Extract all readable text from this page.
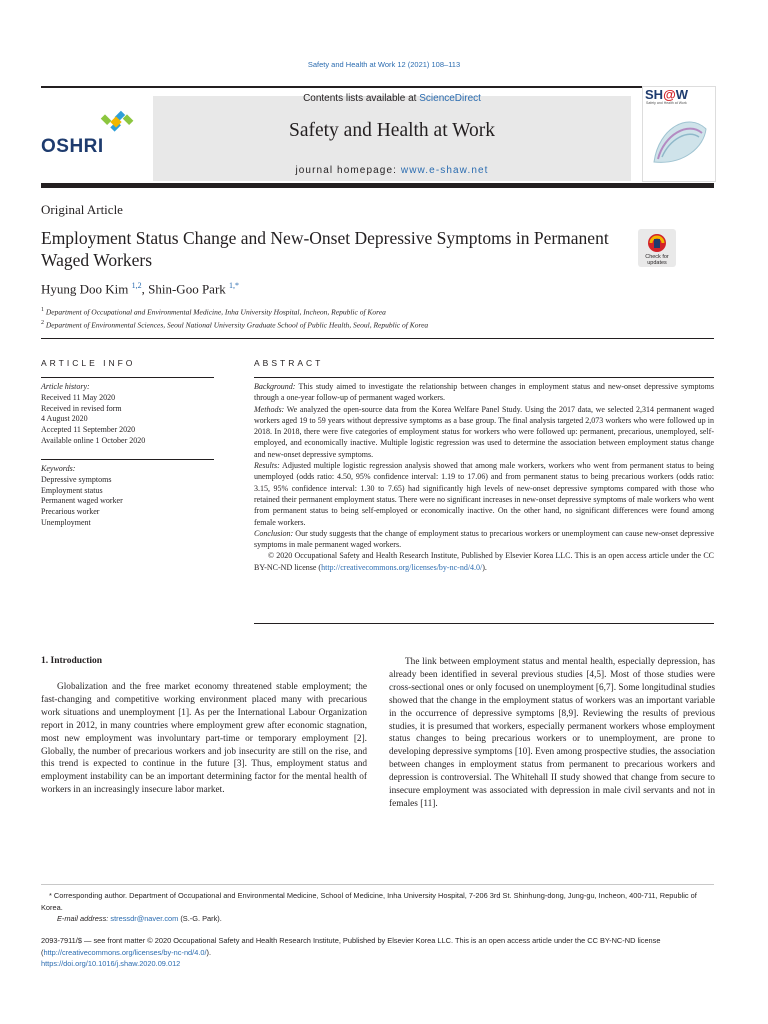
Safety and Health at Work 12 (2021) 108–113
OSHRI
Contents lists available at ScienceDirect
Safety and Health at Work
journal homepage: www.e-shaw.net
SH@W
Safety and Health at Work
Original Article
Employment Status Change and New-Onset Depressive Symptoms in Permanent Waged Workers	Check for updates
Hyung Doo Kim $^{1,2}$, Shin-Goo Park $^{1,*}$
$^1$ Department of Occupational and Environmental Medicine, Inha University Hospital, Incheon, Republic of Korea
$^2$ Department of Environmental Sciences, Seoul National University Graduate School of Public Health, Seoul, Republic of Korea
ARTICLE INFO	ABSTRACT
Article history:
Received 11 May 2020
Received in revised form
4 August 2020
Accepted 11 September 2020
Available online 1 October 2020
Keywords:
Depressive symptoms
Employment status
Permanent waged worker
Precarious worker
Unemployment

Background: This study aimed to investigate the relationship between changes in employment status and new-onset depressive symptoms through a one-year follow-up of permanent waged workers.

Methods: We analyzed the open-source data from the Korea Welfare Panel Study. Using the 2017 data, we selected 2,314 permanent waged workers aged 19 to 59 years without depressive symptoms as a base group. The final analysis targeted 2,073 workers who were followed up in 2018. In 2018, there were five categories of employment status for workers who were followed up: permanent, precarious, unemployed, self-employed, and economically inactive. Multiple logistic regression was used to determine the association between employment status change and new-onset depressive symptoms.

Results: Adjusted multiple logistic regression analysis showed that among male workers, workers who went from permanent status to being unemployed (odds ratio: 4.50, 95% confidence interval: 1.19 to 17.06) and from permanent status to being precarious workers (odds ratio: 3.15, 95% confidence interval: 1.30 to 7.65) had significantly high levels of new-onset depressive symptoms compared with those who retained their permanent employment status. There were no significant increases in new-onset depressive symptoms of male workers who went from permanent status to being self-employed or economically inactive. On the other hand, no significant differences were found among female workers.

Conclusion: Our study suggests that the change of employment status to precarious workers or unemployment can cause new-onset depressive symptoms in male permanent waged workers.

© 2020 Occupational Safety and Health Research Institute, Published by Elsevier Korea LLC. This is an open access article under the CC BY-NC-ND license (http://creativecommons.org/licenses/by-nc-nd/4.0/).

1. Introduction

Globalization and the free market economy threatened stable employment; the fast-changing and competitive working environment placed many with precarious work situations and unemployment [1]. As per the International Labour Organization report in 2012, in many countries where employment grew after economic stagnation, most new employment was involuntary part-time or temporary employment [2]. Globally, the number of precarious workers and job insecurity are still on the rise, and this trend is expected to continue in the future [3]. Thus, employment status and employment instability can be an important determining factor for the mental health of workers in an increasingly insecure labor market.

The link between employment status and mental health, especially depression, has already been identified in several previous studies [4,5]. Most of those studies were cross-sectional ones or only focused on unemployment [6,7]. Some longitudinal studies showed that the change in the employment status of workers was an important variable in the occurrence of depressive symptoms [8,9]. Reviewing the results of previous studies, it is presumed that workers, especially permanent workers whose employment status changes to being precarious workers or to unemployment, are prone to developing depressive symptoms [10]. Even among prospective studies, the association between changes in employment status from permanent to precarious workers and depression is controversial. The Whitehall II study showed that change from secure to insecure employment was associated with depression in male civil servants and not in females [11].

* Corresponding author. Department of Occupational and Environmental Medicine, School of Medicine, Inha University Hospital, 7-206 3rd St. Shinhung-dong, Jung-gu, Incheon, 400-711, Republic of Korea.
E-mail address: stressdr@naver.com (S.-G. Park).
2093-7911/$ — see front matter © 2020 Occupational Safety and Health Research Institute, Published by Elsevier Korea LLC. This is an open access article under the CC BY-NC-ND license (http://creativecommons.org/licenses/by-nc-nd/4.0/).
https://doi.org/10.1016/j.shaw.2020.09.012
